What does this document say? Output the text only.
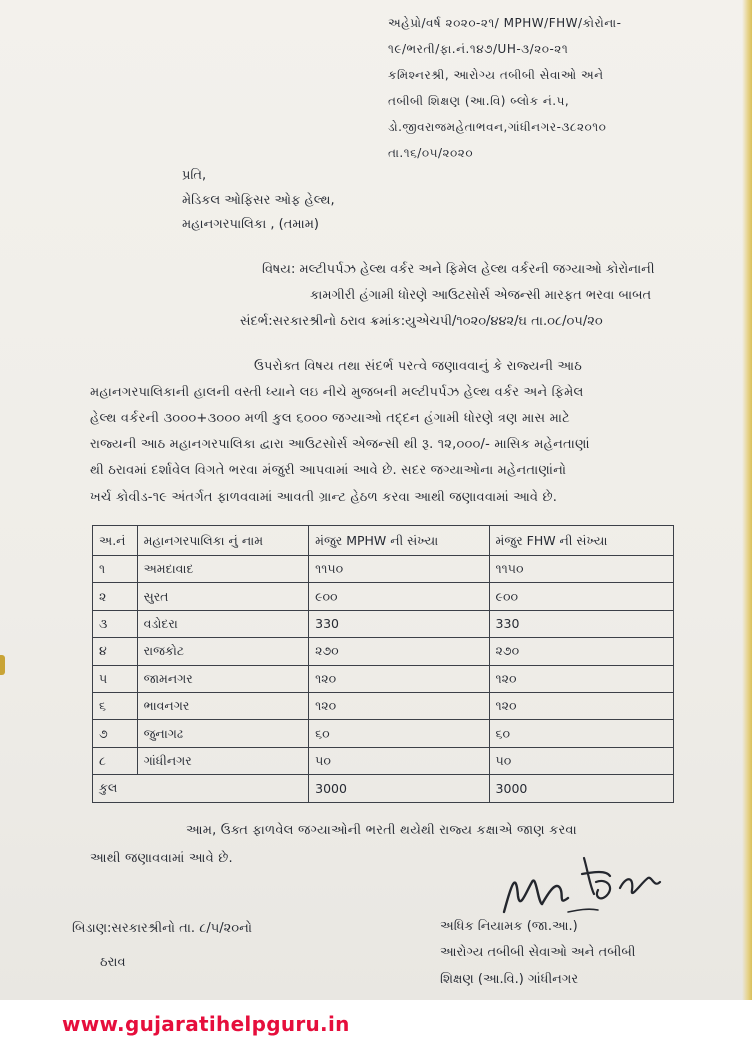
અહેપ્રો/વર્ષ ૨૦૨૦-૨૧/ MPHW/FHW/કોરોના-
૧૯/ભરતી/ફા.નં.૧૪૭/UH-૩/૨૦-૨૧
કમિશ્નરશ્રી, આરોગ્ય તબીબી સેવાઓ અને
તબીબી શિક્ષણ (આ.વિ) બ્લોક નં.પ,
ડો.જીવરાજમહેતાભવન,ગાંધીનગર-૩૮૨૦૧૦
તા.૧૬/૦૫/૨૦૨૦
પ્રતિ,
મેડિકલ ઓફિસર ઓફ હેલ્થ,
મહાનગરપાલિકા , (તમામ)
વિષય: મલ્ટીપર્પઝ હેલ્થ વર્કર અને ફિમેલ હેલ્થ વર્કરની જગ્યાઓ કોરોનાની
કામગીરી હંગામી ધોરણે આઉટસોર્સ એજન્સી મારફત ભરવા બાબત
સંદર્ભ:સરકારશ્રીનો ઠરાવ ક્રમાંક:યુએચપી/૧૦૨૦/૪૪૨/ઘ તા.૦૮/૦૫/૨૦
ઉપરોક્ત વિષય તથા સંદર્ભ પરત્વે જણાવવાનું કે રાજ્યની આઠ
મહાનગરપાલિકાની હાલની વસ્તી ધ્યાને લઇ નીચે મુજબની મલ્ટીપર્પઝ હેલ્થ વર્કર અને ફિમેલ
હેલ્થ વર્કરની ૩૦૦૦+૩૦૦૦ મળી કુલ ૬૦૦૦ જગ્યાઓ તદ્દન હંગામી ધોરણે ત્રણ માસ માટે
રાજ્યની આઠ મહાનગરપાલિકા દ્વારા આઉટસોર્સ એજન્સી થી રૂ. ૧૨,૦૦૦/- માસિક મહેનતાણાં
થી ઠરાવમાં દર્શાવેલ વિગતે ભરવા મંજુરી આપવામાં આવે છે. સદર જગ્યાઓના મહેનતાણાંનો
ખર્ચ કોવીડ-૧૯ અંતર્ગત ફાળવવામાં આવતી ગ્રાન્ટ હેઠળ કરવા આથી જણાવવામાં આવે છે.
અ.નં	મહાનગરપાલિકા નું નામ	મંજુર MPHW ની સંખ્યા	મંજુર FHW ની સંખ્યા
૧	અમદાવાદ	૧૧૫૦	૧૧૫૦
૨	સુરત	૯૦૦	૯૦૦
૩	વડોદરા	330	330
૪	રાજકોટ	૨૭૦	૨૭૦
૫	જામનગર	૧૨૦	૧૨૦
૬	ભાવનગર	૧૨૦	૧૨૦
૭	જુનાગઢ	૬૦	૬૦
૮	ગાંધીનગર	૫૦	૫૦
કુલ		3000	3000
આમ, ઉક્ત ફાળવેલ જગ્યાઓની ભરતી થયેથી રાજ્ય કક્ષાએ જાણ કરવા
આથી જણાવવામાં આવે છે.
બિડાણ:સરકારશ્રીનો તા. ૮/૫/૨૦નો
ઠરાવ
અધિક નિયામક (જા.આ.)
આરોગ્ય તબીબી સેવાઓ અને તબીબી
શિક્ષણ (આ.વિ.) ગાંધીનગર
www.gujaratihelpguru.in
